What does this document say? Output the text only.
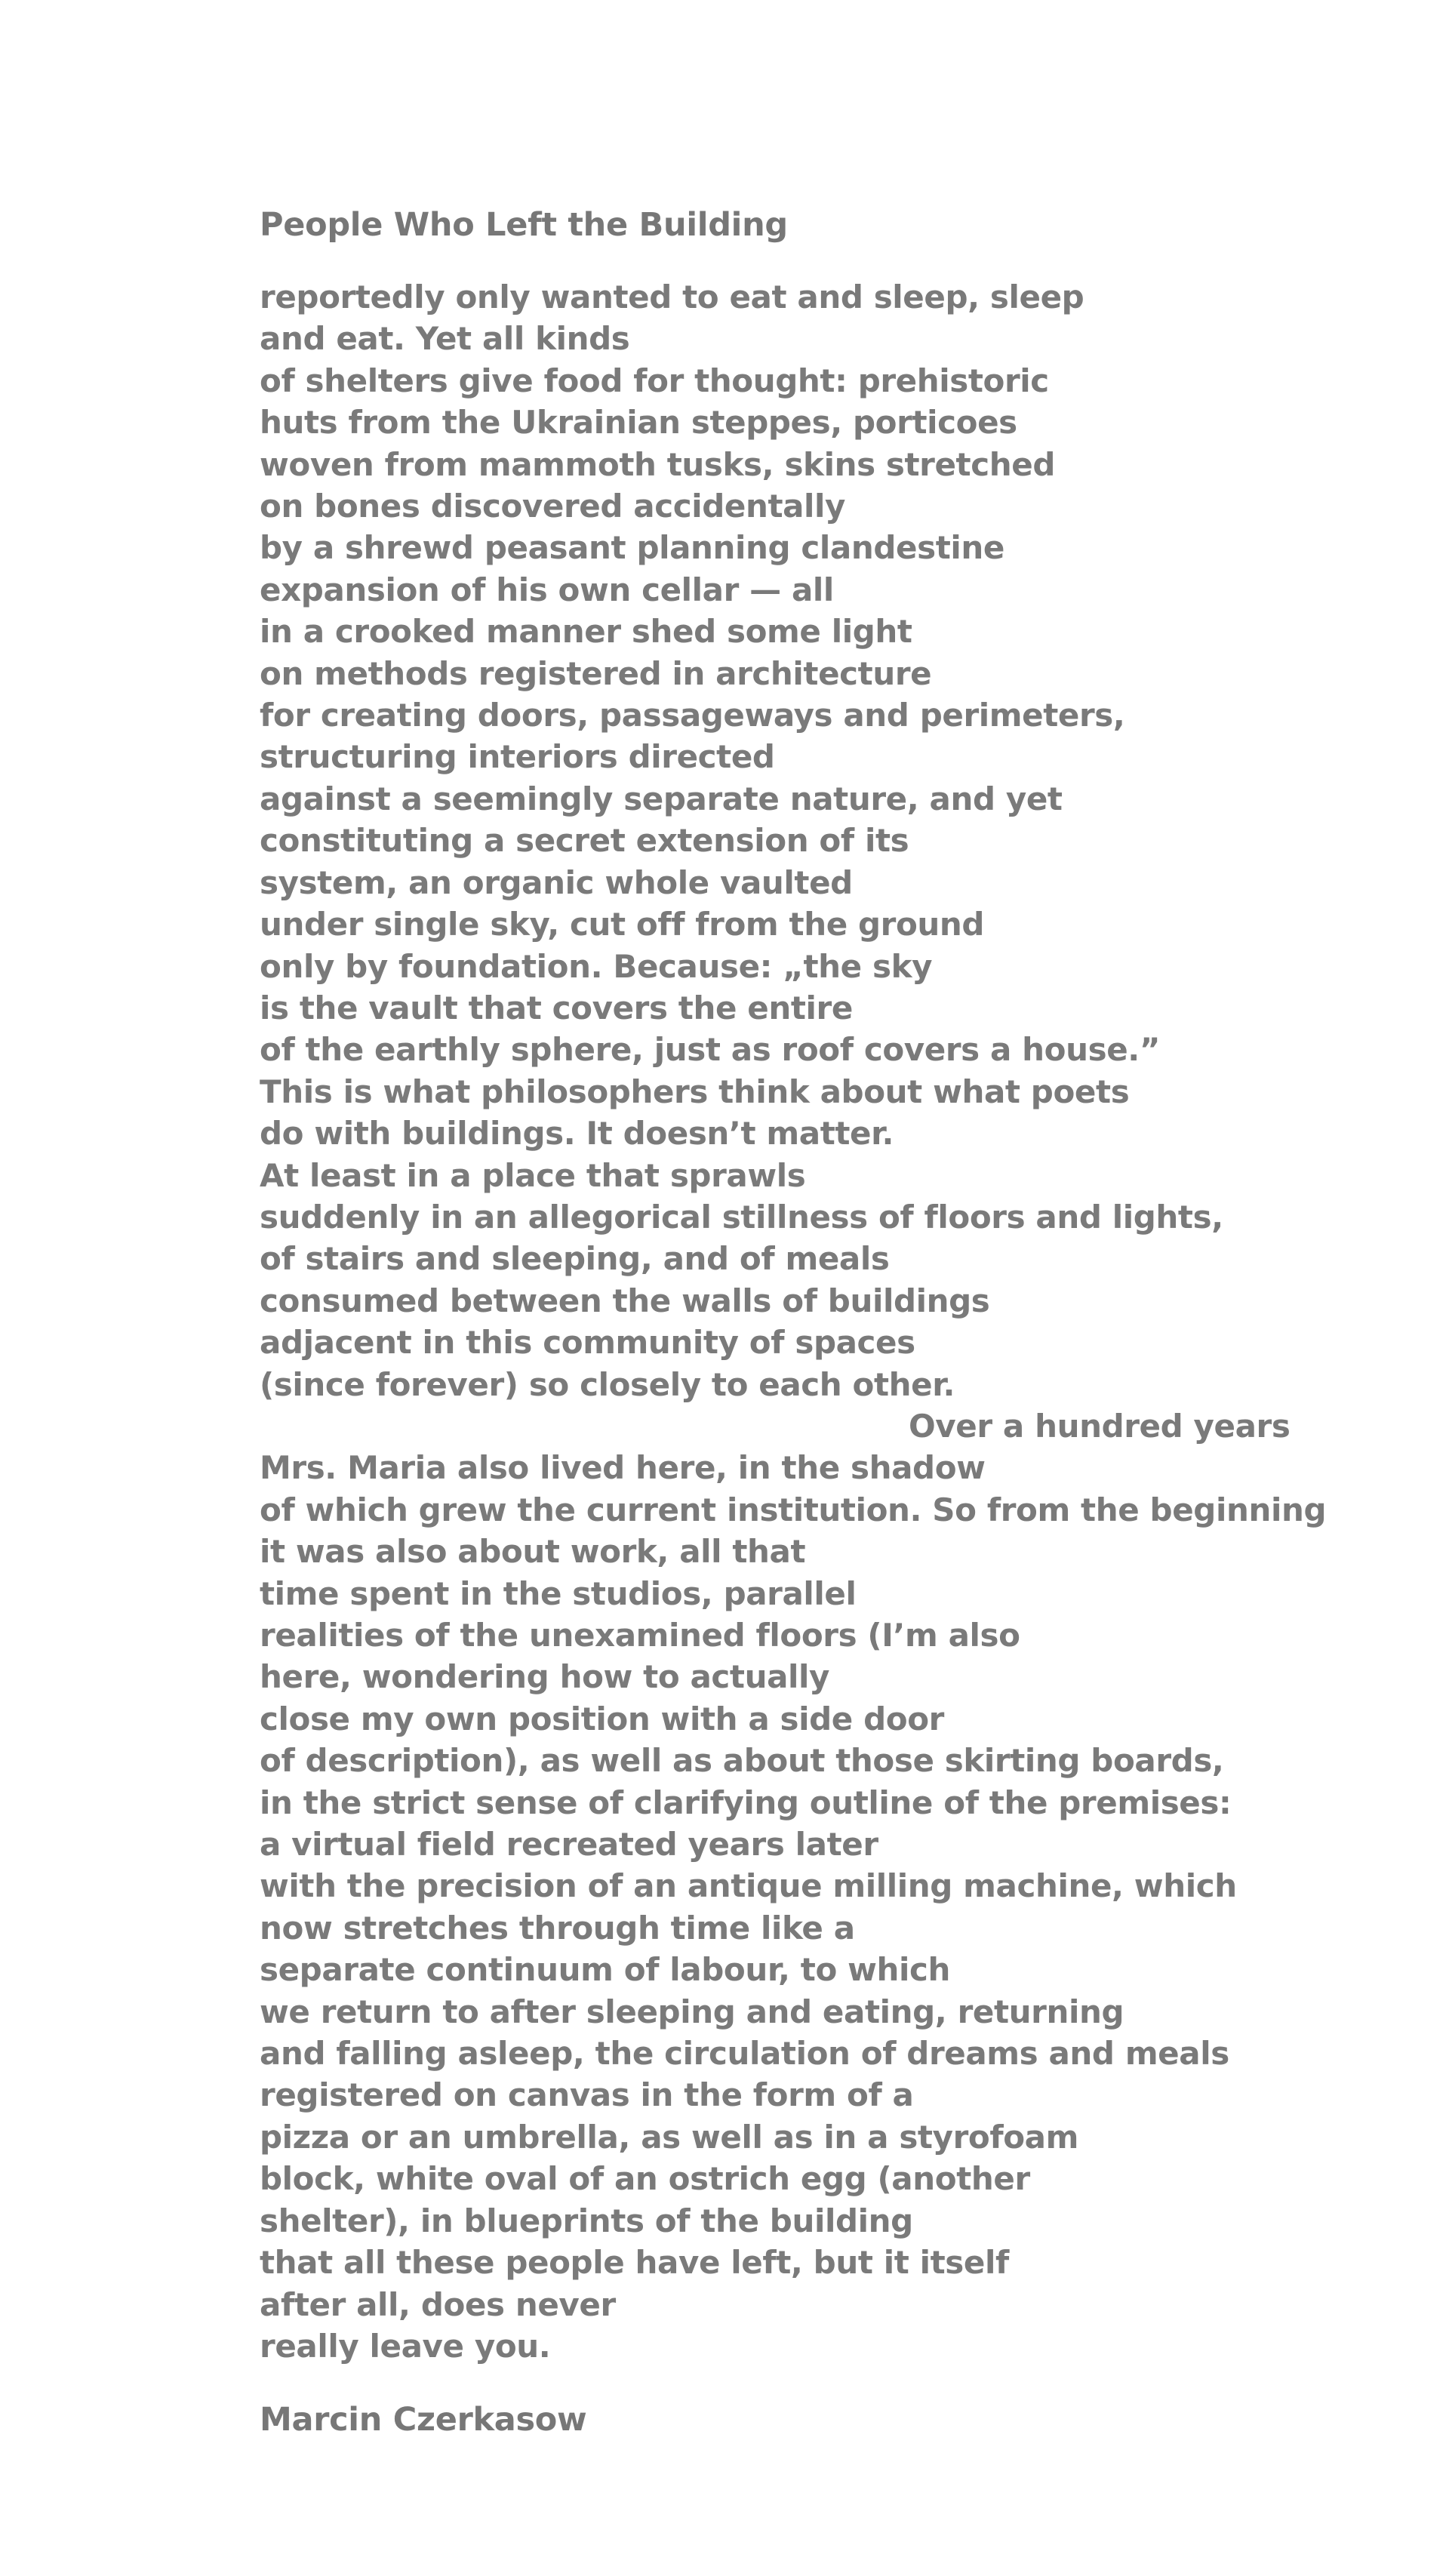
People Who Left the Building
reportedly only wanted to eat and sleep, sleep
and eat. Yet all kinds
of shelters give food for thought: prehistoric
huts from the Ukrainian steppes, porticoes
woven from mammoth tusks, skins stretched
on bones discovered accidentally
by a shrewd peasant planning clandestine
expansion of his own cellar — all
in a crooked manner shed some light
on methods registered in architecture
for creating doors, passageways and perimeters,
structuring interiors directed
against a seemingly separate nature, and yet
constituting a secret extension of its
system, an organic whole vaulted
under single sky, cut off from the ground
only by foundation. Because: „the sky
is the vault that covers the entire
of the earthly sphere, just as roof covers a house.”
This is what philosophers think about what poets
do with buildings. It doesn’t matter.
At least in a place that sprawls
suddenly in an allegorical stillness of floors and lights,
of stairs and sleeping, and of meals
consumed between the walls of buildings
adjacent in this community of spaces
(since forever) so closely to each other.
Over a hundred years
Mrs. Maria also lived here, in the shadow
of which grew the current institution. So from the beginning
it was also about work, all that
time spent in the studios, parallel
realities of the unexamined floors (I’m also
here, wondering how to actually
close my own position with a side door
of description), as well as about those skirting boards,
in the strict sense of clarifying outline of the premises:
a virtual field recreated years later
with the precision of an antique milling machine, which
now stretches through time like a
separate continuum of labour, to which
we return to after sleeping and eating, returning
and falling asleep, the circulation of dreams and meals
registered on canvas in the form of a
pizza or an umbrella, as well as in a styrofoam
block, white oval of an ostrich egg (another
shelter), in blueprints of the building
that all these people have left, but it itself
after all, does never
really leave you.
Marcin Czerkasow
